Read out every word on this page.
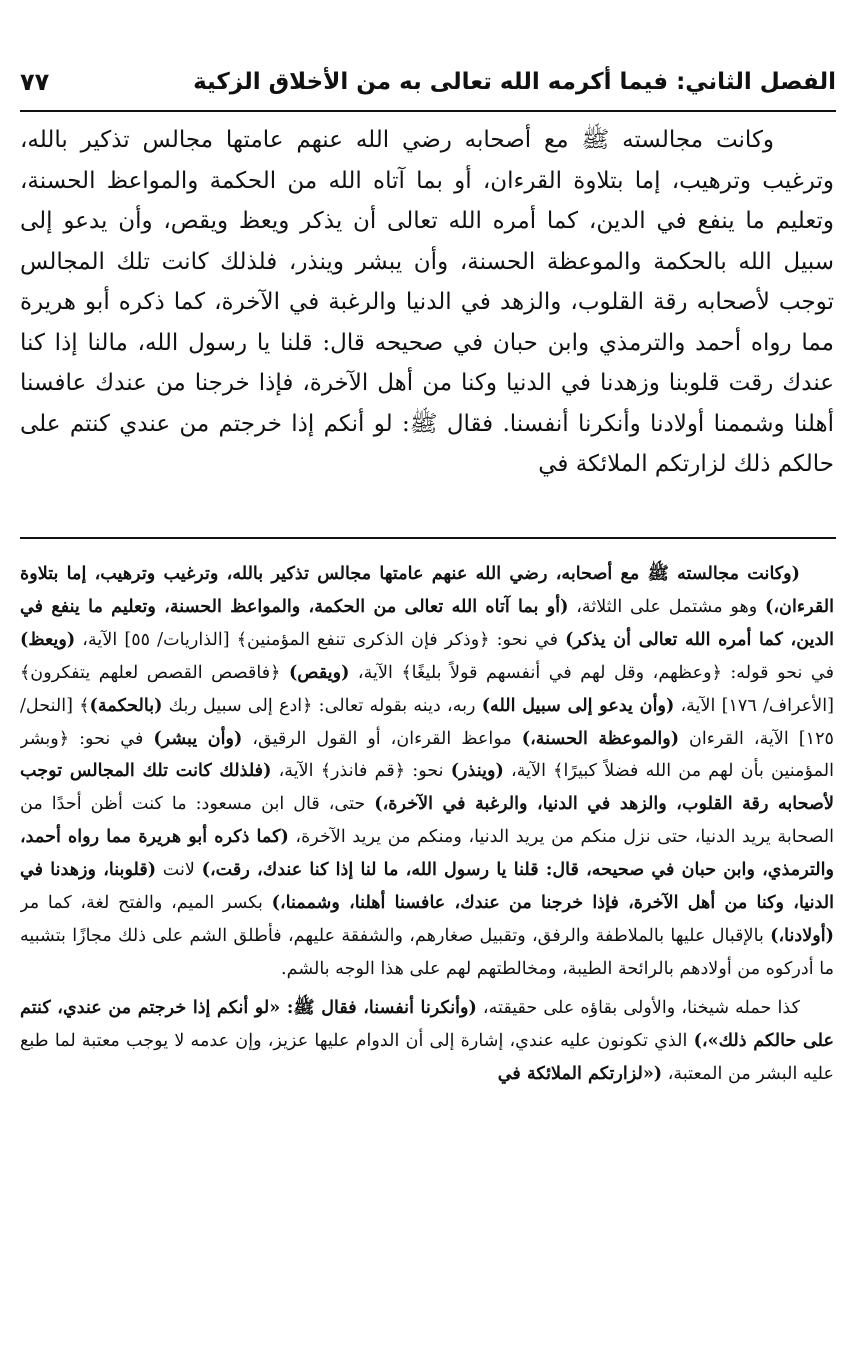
الفصل الثاني: فيما أكرمه الله تعالى به من الأخلاق الزكية
٧٧

وكانت مجالسته ﷺ مع أصحابه رضي الله عنهم عامتها مجالس تذكير بالله، وترغيب وترهيب، إما بتلاوة القرءان، أو بما آتاه الله من الحكمة والمواعظ الحسنة، وتعليم ما ينفع في الدين، كما أمره الله تعالى أن يذكر ويعظ ويقص، وأن يدعو إلى سبيل الله بالحكمة والموعظة الحسنة، وأن يبشر وينذر، فلذلك كانت تلك المجالس توجب لأصحابه رقة القلوب، والزهد في الدنيا والرغبة في الآخرة، كما ذكره أبو هريرة مما رواه أحمد والترمذي وابن حبان في صحيحه قال: قلنا يا رسول الله، مالنا إذا كنا عندك رقت قلوبنا وزهدنا في الدنيا وكنا من أهل الآخرة، فإذا خرجنا من عندك عافسنا أهلنا وشممنا أولادنا وأنكرنا أنفسنا. فقال ﷺ: لو أنكم إذا خرجتم من عندي كنتم على حالكم ذلك لزارتكم الملائكة في

(وكانت مجالسته ﷺ مع أصحابه، رضي الله عنهم عامتها مجالس تذكير بالله، وترغيب وترهيب، إما بتلاوة القرءان،) وهو مشتمل على الثلاثة، (أو بما آتاه الله تعالى من الحكمة، والمواعظ الحسنة، وتعليم ما ينفع في الدين، كما أمره الله تعالى أن يذكر) في نحو: ﴿وذكر فإن الذكرى تنفع المؤمنين﴾ [الذاريات/ ٥٥] الآية، (ويعظ) في نحو قوله: ﴿وعظهم، وقل لهم في أنفسهم قولاً بليغًا﴾ الآية، (ويقص) ﴿فاقصص القصص لعلهم يتفكرون﴾ [الأعراف/ ١٧٦] الآية، (وأن يدعو إلى سبيل الله) ربه، دينه بقوله تعالى: ﴿ادع إلى سبيل ربك (بالحكمة)﴾ [النحل/ ١٢٥] الآية، القرءان (والموعظة الحسنة،) مواعظ القرءان، أو القول الرقيق، (وأن يبشر) في نحو: ﴿وبشر المؤمنين بأن لهم من الله فضلاً كبيرًا﴾ الآية، (وينذر) نحو: ﴿قم فانذر﴾ الآية، (فلذلك كانت تلك المجالس توجب لأصحابه رقة القلوب، والزهد في الدنيا، والرغبة في الآخرة،) حتى، قال ابن مسعود: ما كنت أظن أحدًا من الصحابة يريد الدنيا، حتى نزل منكم من يريد الدنيا، ومنكم من يريد الآخرة، (كما ذكره أبو هريرة مما رواه أحمد، والترمذي، وابن حبان في صحيحه، قال: قلنا يا رسول الله، ما لنا إذا كنا عندك، رقت،) لانت (قلوبنا، وزهدنا في الدنيا، وكنا من أهل الآخرة، فإذا خرجنا من عندك، عافسنا أهلنا، وشممنا،) بكسر الميم، والفتح لغة، كما مر (أولادنا،) بالإقبال عليها بالملاطفة والرفق، وتقبيل صغارهم، والشفقة عليهم، فأطلق الشم على ذلك مجازًا بتشبيه ما أدركوه من أولادهم بالرائحة الطيبة، ومخالطتهم لهم على هذا الوجه بالشم.

كذا حمله شيخنا، والأولى بقاؤه على حقيقته، (وأنكرنا أنفسنا، فقال ﷺ: «لو أنكم إذا خرجتم من عندي، كنتم على حالكم ذلك»،) الذي تكونون عليه عندي، إشارة إلى أن الدوام عليها عزيز، وإن عدمه لا يوجب معتبة لما طبع عليه البشر من المعتبة، («لزارتكم الملائكة في
